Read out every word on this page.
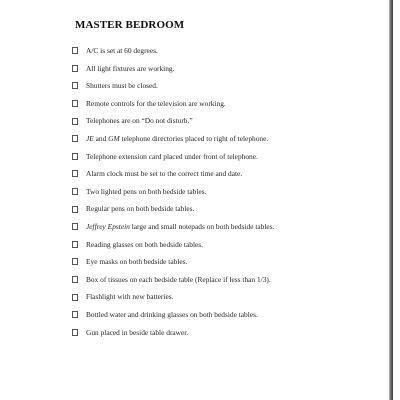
MASTER BEDROOM
A/C is set at 60 degrees.
All light fixtures are working.
Shutters must be closed.
Remote controls for the television are working.
Telephones are on “Do not disturb.”
JE and GM telephone directories placed to right of telephone.
Telephone extension card placed under front of telephone.
Alarm clock must be set to the correct time and date.
Two lighted pens on both bedside tables.
Regular pens on both bedside tables.
Jeffrey Epstein large and small notepads on both bedside tables.
Reading glasses on both bedside tables.
Eye masks on both bedside tables.
Box of tissues on each bedside table (Replace if less than 1/3).
Flashlight with new batteries.
Bottled water and drinking glasses on both bedside tables.
Gun placed in beside table drawer.
